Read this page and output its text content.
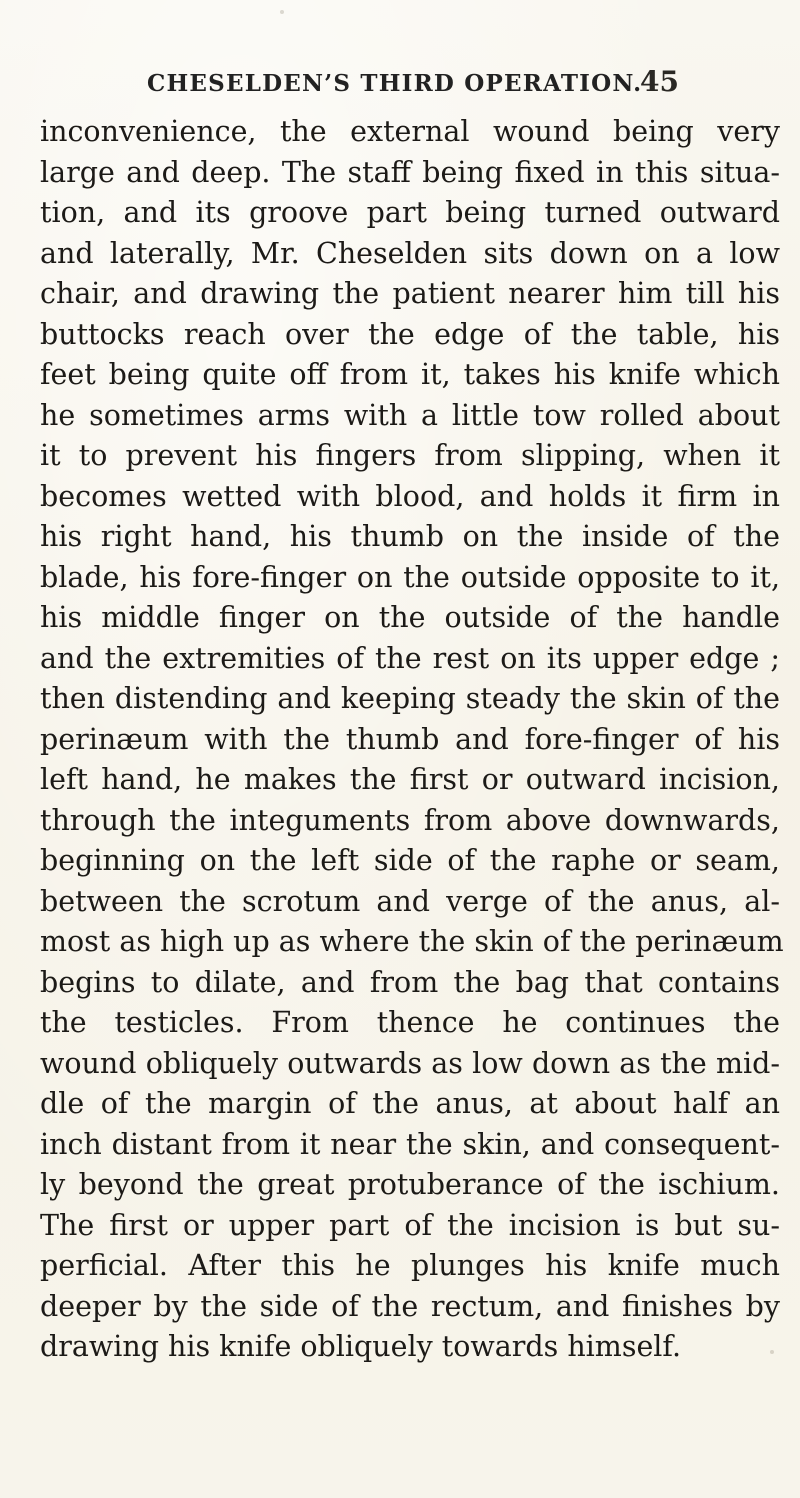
CHESELDEN’S THIRD OPERATION.
45
inconvenience, the external wound being very
large and deep. The staff being fixed in this situa-
tion, and its groove part being turned outward
and laterally, Mr. Cheselden sits down on a low
chair, and drawing the patient nearer him till his
buttocks reach over the edge of the table, his
feet being quite off from it, takes his knife which
he sometimes arms with a little tow rolled about
it to prevent his fingers from slipping, when it
becomes wetted with blood, and holds it firm in
his right hand, his thumb on the inside of the
blade, his fore-finger on the outside opposite to it,
his middle finger on the outside of the handle
and the extremities of the rest on its upper edge ;
then distending and keeping steady the skin of the
perinæum with the thumb and fore-finger of his
left hand, he makes the first or outward incision,
through the integuments from above downwards,
beginning on the left side of the raphe or seam,
between the scrotum and verge of the anus, al-
most as high up as where the skin of the perinæum
begins to dilate, and from the bag that contains
the testicles. From thence he continues the
wound obliquely outwards as low down as the mid-
dle of the margin of the anus, at about half an
inch distant from it near the skin, and consequent-
ly beyond the great protuberance of the ischium.
The first or upper part of the incision is but su-
perficial. After this he plunges his knife much
deeper by the side of the rectum, and finishes by
drawing his knife obliquely towards himself.
